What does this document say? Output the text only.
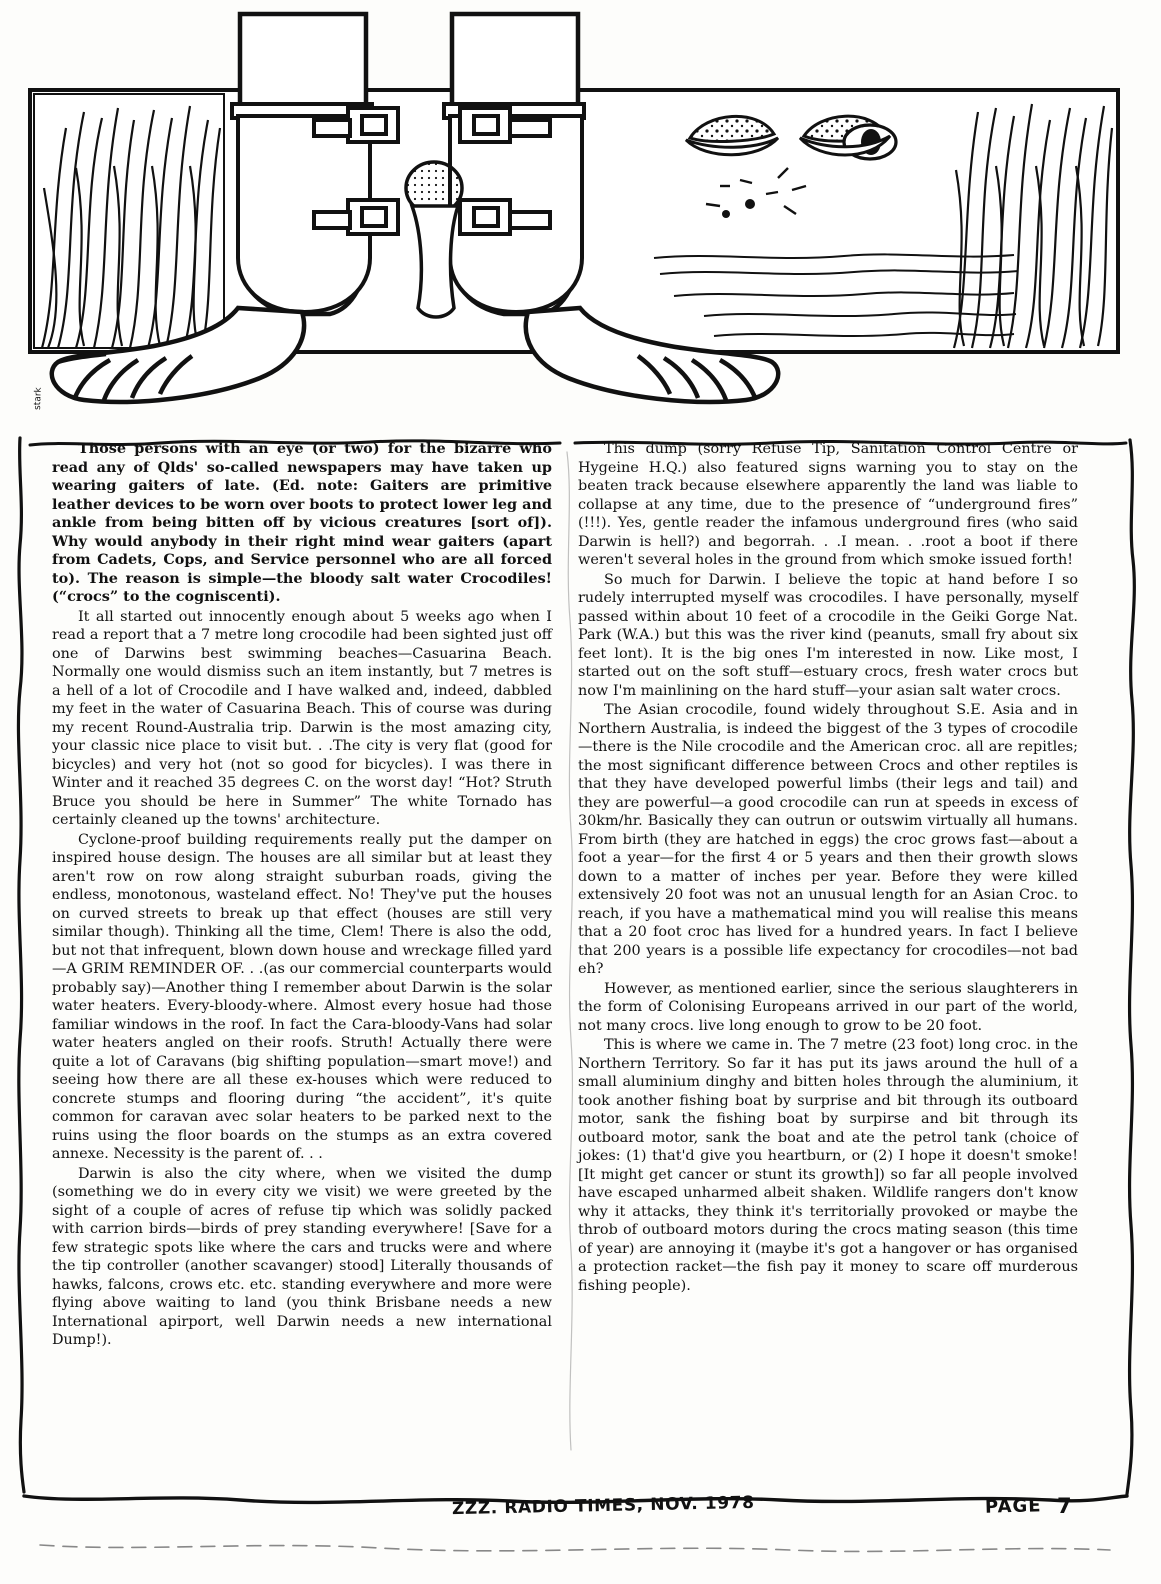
stark

Those persons with an eye (or two) for the bizarre who read any of Qlds' so-called newspapers may have taken up wearing gaiters of late. (Ed. note: Gaiters are primitive leather devices to be worn over boots to protect lower leg and ankle from being bitten off by vicious creatures [sort of]). Why would anybody in their right mind wear gaiters (apart from Cadets, Cops, and Service personnel who are all forced to). The reason is simple—the bloody salt water Crocodiles! (“crocs” to the cogniscenti).

It all started out innocently enough about 5 weeks ago when I read a report that a 7 metre long crocodile had been sighted just off one of Darwins best swimming beaches—Casuarina Beach. Normally one would dismiss such an item instantly, but 7 metres is a hell of a lot of Crocodile and I have walked and, indeed, dabbled my feet in the water of Casuarina Beach. This of course was during my recent Round-Australia trip. Darwin is the most amazing city, your classic nice place to visit but. . .The city is very flat (good for bicycles) and very hot (not so good for bicycles). I was there in Winter and it reached 35 degrees C. on the worst day! “Hot? Struth Bruce you should be here in Summer” The white Tornado has certainly cleaned up the towns' architecture.

Cyclone-proof building requirements really put the damper on inspired house design. The houses are all similar but at least they aren't row on row along straight suburban roads, giving the endless, monotonous, wasteland effect. No! They've put the houses on curved streets to break up that effect (houses are still very similar though). Thinking all the time, Clem! There is also the odd, but not that infrequent, blown down house and wreckage filled yard—A GRIM REMINDER OF. . .(as our commercial counterparts would probably say)—Another thing I remember about Darwin is the solar water heaters. Every-bloody-where. Almost every hosue had those familiar windows in the roof. In fact the Cara-bloody-Vans had solar water heaters angled on their roofs. Struth! Actually there were quite a lot of Caravans (big shifting population—smart move!) and seeing how there are all these ex-houses which were reduced to concrete stumps and flooring during “the accident”, it's quite common for caravan avec solar heaters to be parked next to the ruins using the floor boards on the stumps as an extra covered annexe. Necessity is the parent of. . .

Darwin is also the city where, when we visited the dump (something we do in every city we visit) we were greeted by the sight of a couple of acres of refuse tip which was solidly packed with carrion birds—birds of prey standing everywhere! [Save for a few strategic spots like where the cars and trucks were and where the tip controller (another scavanger) stood] Literally thousands of hawks, falcons, crows etc. etc. standing everywhere and more were flying above waiting to land (you think Brisbane needs a new International apirport, well Darwin needs a new international Dump!).

This dump (sorry Refuse Tip, Sanitation Control Centre or Hygeine H.Q.) also featured signs warning you to stay on the beaten track because elsewhere apparently the land was liable to collapse at any time, due to the presence of “underground fires” (!!!). Yes, gentle reader the infamous underground fires (who said Darwin is hell?) and begorrah. . .I mean. . .root a boot if there weren't several holes in the ground from which smoke issued forth!

So much for Darwin. I believe the topic at hand before I so rudely interrupted myself was crocodiles. I have personally, myself passed within about 10 feet of a crocodile in the Geiki Gorge Nat. Park (W.A.) but this was the river kind (peanuts, small fry about six feet lont). It is the big ones I'm interested in now. Like most, I started out on the soft stuff—estuary crocs, fresh water crocs but now I'm mainlining on the hard stuff—your asian salt water crocs.

The Asian crocodile, found widely throughout S.E. Asia and in Northern Australia, is indeed the biggest of the 3 types of crocodile—there is the Nile crocodile and the American croc. all are repitles; the most significant difference between Crocs and other reptiles is that they have developed powerful limbs (their legs and tail) and they are powerful—a good crocodile can run at speeds in excess of 30km/hr. Basically they can outrun or outswim virtually all humans. From birth (they are hatched in eggs) the croc grows fast—about a foot a year—for the first 4 or 5 years and then their growth slows down to a matter of inches per year. Before they were killed extensively 20 foot was not an unusual length for an Asian Croc. to reach, if you have a mathematical mind you will realise this means that a 20 foot croc has lived for a hundred years. In fact I believe that 200 years is a possible life expectancy for crocodiles—not bad eh?

However, as mentioned earlier, since the serious slaughterers in the form of Colonising Europeans arrived in our part of the world, not many crocs. live long enough to grow to be 20 foot.

This is where we came in. The 7 metre (23 foot) long croc. in the Northern Territory. So far it has put its jaws around the hull of a small aluminium dinghy and bitten holes through the aluminium, it took another fishing boat by surprise and bit through its outboard motor, sank the fishing boat by surpirse and bit through its outboard motor, sank the boat and ate the petrol tank (choice of jokes: (1) that'd give you heartburn, or (2) I hope it doesn't smoke! [It might get cancer or stunt its growth]) so far all people involved have escaped unharmed albeit shaken. Wildlife rangers don't know why it attacks, they think it's territorially provoked or maybe the throb of outboard motors during the crocs mating season (this time of year) are annoying it (maybe it's got a hangover or has organised a protection racket—the fish pay it money to scare off murderous fishing people).

ZZZ. RADIO TIMES, NOV. 1978	PAGE 7
